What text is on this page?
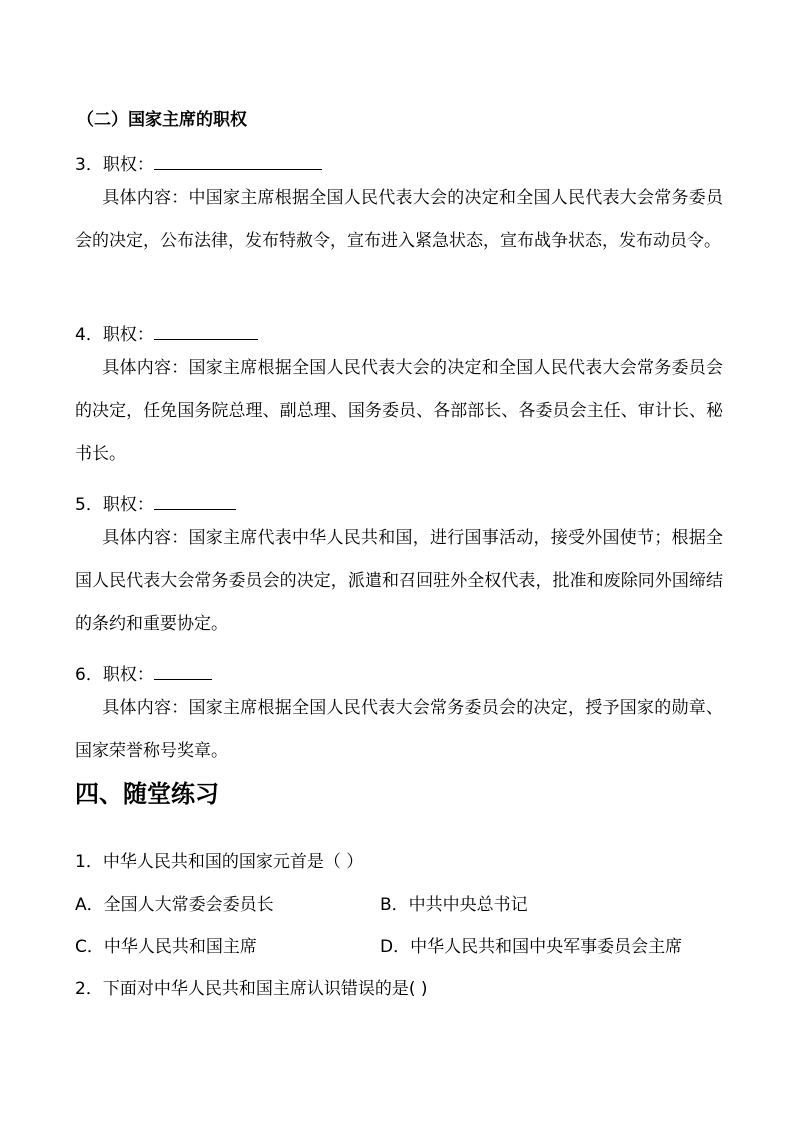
（二）国家主席的职权
3．职权：
具体内容：中国家主席根据全国人民代表大会的决定和全国人民代表大会常务委员会的决定，公布法律，发布特赦令，宣布进入紧急状态，宣布战争状态，发布动员令。
4．职权：
具体内容：国家主席根据全国人民代表大会的决定和全国人民代表大会常务委员会的决定，任免国务院总理、副总理、国务委员、各部部长、各委员会主任、审计长、秘书长。
5．职权：
具体内容：国家主席代表中华人民共和国，进行国事活动，接受外国使节；根据全国人民代表大会常务委员会的决定，派遣和召回驻外全权代表，批准和废除同外国缔结的条约和重要协定。
6．职权：
具体内容：国家主席根据全国人民代表大会常务委员会的决定，授予国家的勋章、国家荣誉称号奖章。
四、随堂练习
1．中华人民共和国的国家元首是（ ）
A．全国人大常委会委员长	B．中共中央总书记
C．中华人民共和国主席	D．中华人民共和国中央军事委员会主席
2．下面对中华人民共和国主席认识错误的是( )
